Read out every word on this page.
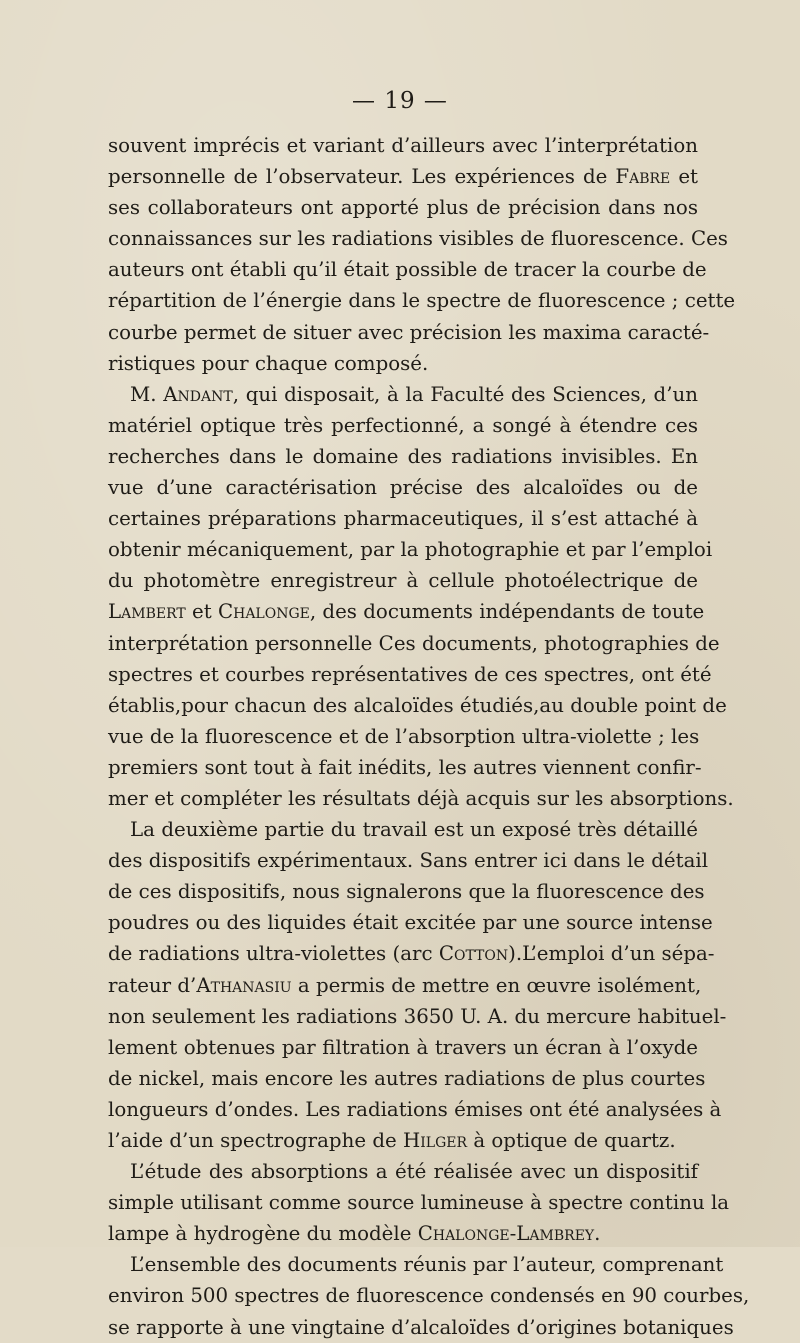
— 19 —
souvent imprécis et variant d’ailleurs avec l’interprétation
personnelle de l’observateur. Les expériences de Fabre et
ses collaborateurs ont apporté plus de précision dans nos
connaissances sur les radiations visibles de fluorescence. Ces
auteurs ont établi qu’il était possible de tracer la courbe de
répartition de l’énergie dans le spectre de fluorescence ; cette
courbe permet de situer avec précision les maxima caracté-
ristiques pour chaque composé.
M. Andant, qui disposait, à la Faculté des Sciences, d’un
matériel optique très perfectionné, a songé à étendre ces
recherches dans le domaine des radiations invisibles. En
vue d’une caractérisation précise des alcaloïdes ou de
certaines préparations pharmaceutiques, il s’est attaché à
obtenir mécaniquement, par la photographie et par l’emploi
du photomètre enregistreur à cellule photoélectrique de
Lambert et Chalonge, des documents indépendants de toute
interprétation personnelle Ces documents, photographies de
spectres et courbes représentatives de ces spectres, ont été
établis,pour chacun des alcaloïdes étudiés,au double point de
vue de la fluorescence et de l’absorption ultra-violette ; les
premiers sont tout à fait inédits, les autres viennent confir-
mer et compléter les résultats déjà acquis sur les absorptions.
La deuxième partie du travail est un exposé très détaillé
des dispositifs expérimentaux. Sans entrer ici dans le détail
de ces dispositifs, nous signalerons que la fluorescence des
poudres ou des liquides était excitée par une source intense
de radiations ultra-violettes (arc Cotton).L’emploi d’un sépa-
rateur d’Athanasiu a permis de mettre en œuvre isolément,
non seulement les radiations 3650 U. A. du mercure habituel-
lement obtenues par filtration à travers un écran à l’oxyde
de nickel, mais encore les autres radiations de plus courtes
longueurs d’ondes. Les radiations émises ont été analysées à
l’aide d’un spectrographe de Hilger à optique de quartz.
L’étude des absorptions a été réalisée avec un dispositif
simple utilisant comme source lumineuse à spectre continu la
lampe à hydrogène du modèle Chalonge-Lambrey.
L’ensemble des documents réunis par l’auteur, comprenant
environ 500 spectres de fluorescence condensés en 90 courbes,
se rapporte à une vingtaine d’alcaloïdes d’origines botaniques
